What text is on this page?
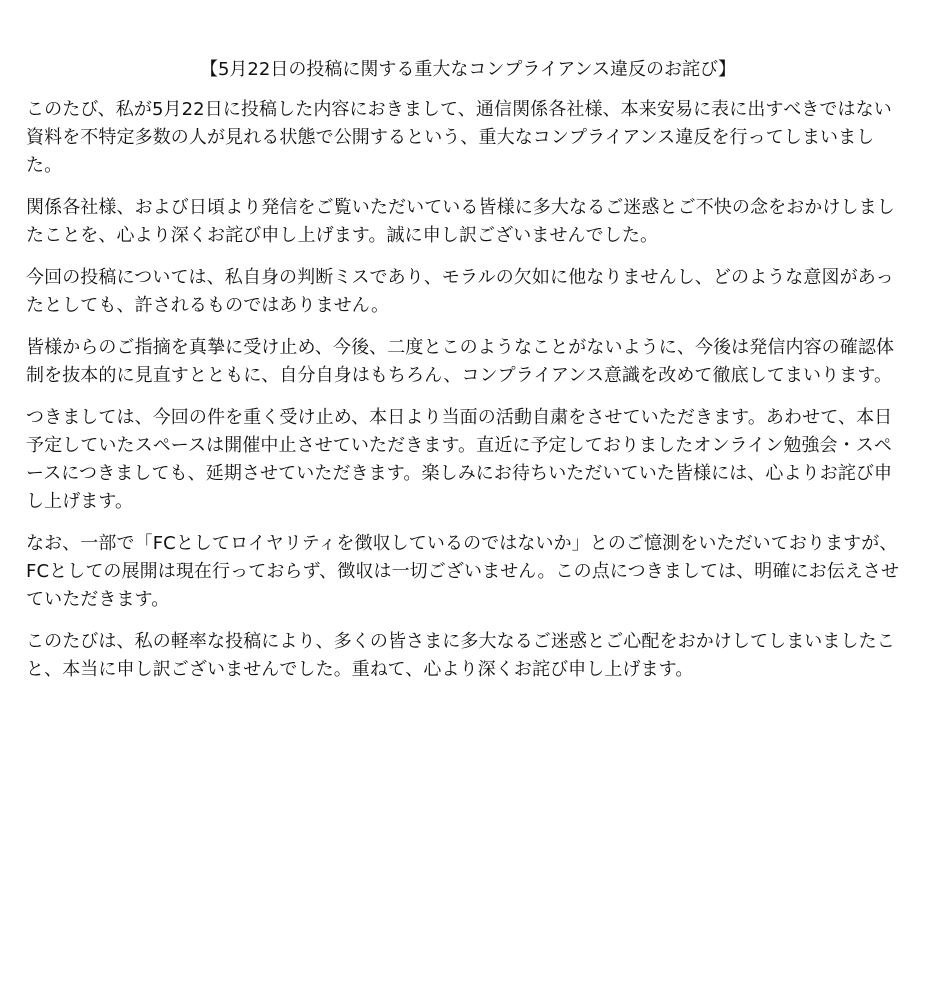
【5月22日の投稿に関する重大なコンプライアンス違反のお詫び】

このたび、私が5月22日に投稿した内容におきまして、通信関係各社様、本来安易に表に出すべきではない資料を不特定多数の人が見れる状態で公開するという、重大なコンプライアンス違反を行ってしまいました。

関係各社様、および日頃より発信をご覧いただいている皆様に多大なるご迷惑とご不快の念をおかけしましたことを、心より深くお詫び申し上げます。誠に申し訳ございませんでした。

今回の投稿については、私自身の判断ミスであり、モラルの欠如に他なりませんし、どのような意図があったとしても、許されるものではありません。

皆様からのご指摘を真摯に受け止め、今後、二度とこのようなことがないように、今後は発信内容の確認体制を抜本的に見直すとともに、自分自身はもちろん、コンプライアンス意識を改めて徹底してまいります。

つきましては、今回の件を重く受け止め、本日より当面の活動自粛をさせていただきます。あわせて、本日予定していたスペースは開催中止させていただきます。直近に予定しておりましたオンライン勉強会・スペースにつきましても、延期させていただきます。楽しみにお待ちいただいていた皆様には、心よりお詫び申し上げます。

なお、一部で「FCとしてロイヤリティを徴収しているのではないか」とのご憶測をいただいておりますが、FCとしての展開は現在行っておらず、徴収は一切ございません。この点につきましては、明確にお伝えさせていただきます。

このたびは、私の軽率な投稿により、多くの皆さまに多大なるご迷惑とご心配をおかけしてしまいましたこと、本当に申し訳ございませんでした。重ねて、心より深くお詫び申し上げます。
